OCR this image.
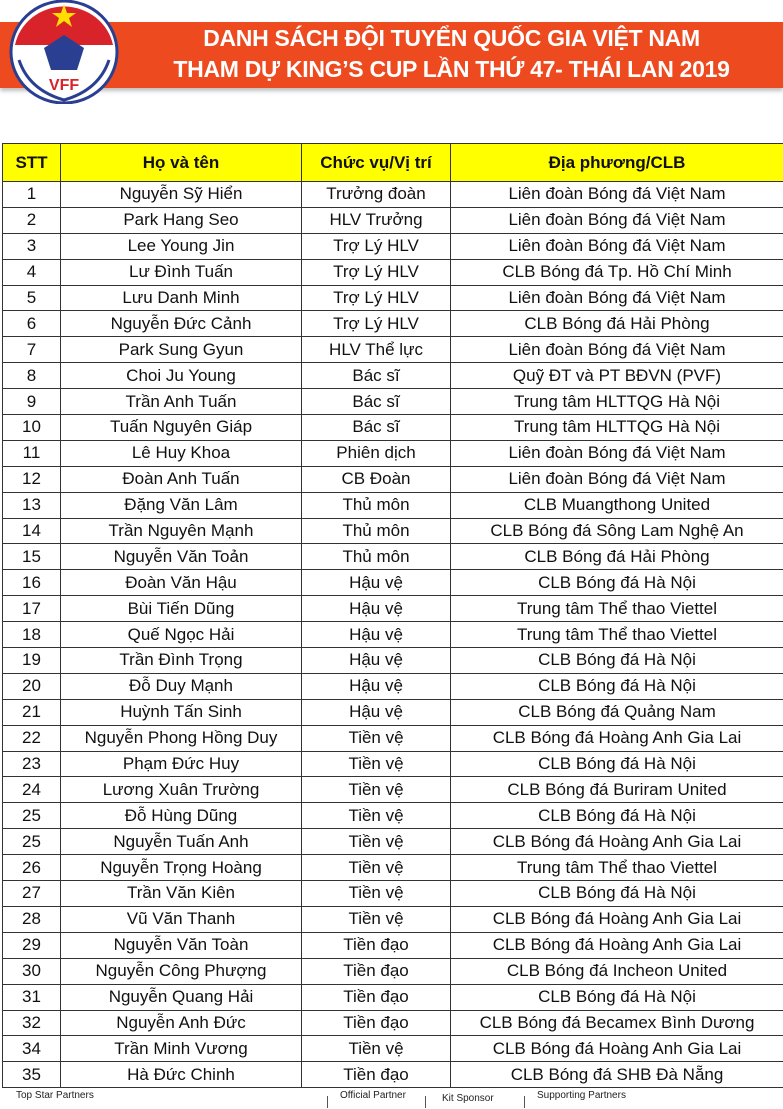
VFF
DANH SÁCH ĐỘI TUYỂN QUỐC GIA VIỆT NAM
THAM DỰ KING’S CUP LẦN THỨ 47- THÁI LAN 2019
STT	Họ và tên	Chức vụ/Vị trí	Địa phương/CLB
1	Nguyễn Sỹ Hiển	Trưởng đoàn	Liên đoàn Bóng đá Việt Nam
2	Park Hang Seo	HLV Trưởng	Liên đoàn Bóng đá Việt Nam
3	Lee Young Jin	Trợ Lý HLV	Liên đoàn Bóng đá Việt Nam
4	Lư Đình Tuấn	Trợ Lý HLV	CLB Bóng đá Tp. Hồ Chí Minh
5	Lưu Danh Minh	Trợ Lý HLV	Liên đoàn Bóng đá Việt Nam
6	Nguyễn Đức Cảnh	Trợ Lý HLV	CLB Bóng đá Hải Phòng
7	Park Sung Gyun	HLV Thể lực	Liên đoàn Bóng đá Việt Nam
8	Choi Ju Young	Bác sĩ	Quỹ ĐT và PT BĐVN (PVF)
9	Trần Anh Tuấn	Bác sĩ	Trung tâm HLTTQG Hà Nội
10	Tuấn Nguyên Giáp	Bác sĩ	Trung tâm HLTTQG Hà Nội
11	Lê Huy Khoa	Phiên dịch	Liên đoàn Bóng đá Việt Nam
12	Đoàn Anh Tuấn	CB Đoàn	Liên đoàn Bóng đá Việt Nam
13	Đặng Văn Lâm	Thủ môn	CLB Muangthong United
14	Trần Nguyên Mạnh	Thủ môn	CLB Bóng đá Sông Lam Nghệ An
15	Nguyễn Văn Toản	Thủ môn	CLB Bóng đá Hải Phòng
16	Đoàn Văn Hậu	Hậu vệ	CLB Bóng đá Hà Nội
17	Bùi Tiến Dũng	Hậu vệ	Trung tâm Thể thao Viettel
18	Quế Ngọc Hải	Hậu vệ	Trung tâm Thể thao Viettel
19	Trần Đình Trọng	Hậu vệ	CLB Bóng đá Hà Nội
20	Đỗ Duy Mạnh	Hậu vệ	CLB Bóng đá Hà Nội
21	Huỳnh Tấn Sinh	Hậu vệ	CLB Bóng đá Quảng Nam
22	Nguyễn Phong Hồng Duy	Tiền vệ	CLB Bóng đá Hoàng Anh Gia Lai
23	Phạm Đức Huy	Tiền vệ	CLB Bóng đá Hà Nội
24	Lương Xuân Trường	Tiền vệ	CLB Bóng đá Buriram United
25	Đỗ Hùng Dũng	Tiền vệ	CLB Bóng đá Hà Nội
25	Nguyễn Tuấn Anh	Tiền vệ	CLB Bóng đá Hoàng Anh Gia Lai
26	Nguyễn Trọng Hoàng	Tiền vệ	Trung tâm Thể thao Viettel
27	Trần Văn Kiên	Tiền vệ	CLB Bóng đá Hà Nội
28	Vũ Văn Thanh	Tiền vệ	CLB Bóng đá Hoàng Anh Gia Lai
29	Nguyễn Văn Toàn	Tiền đạo	CLB Bóng đá Hoàng Anh Gia Lai
30	Nguyễn Công Phượng	Tiền đạo	CLB Bóng đá Incheon United
31	Nguyễn Quang Hải	Tiền đạo	CLB Bóng đá Hà Nội
32	Nguyễn Anh Đức	Tiền đạo	CLB Bóng đá Becamex Bình Dương
34	Trần Minh Vương	Tiền vệ	CLB Bóng đá Hoàng Anh Gia Lai
35	Hà Đức Chinh	Tiền đạo	CLB Bóng đá SHB Đà Nẵng
Top Star Partners	Official Partner	Kit Sponsor	Supporting Partners
